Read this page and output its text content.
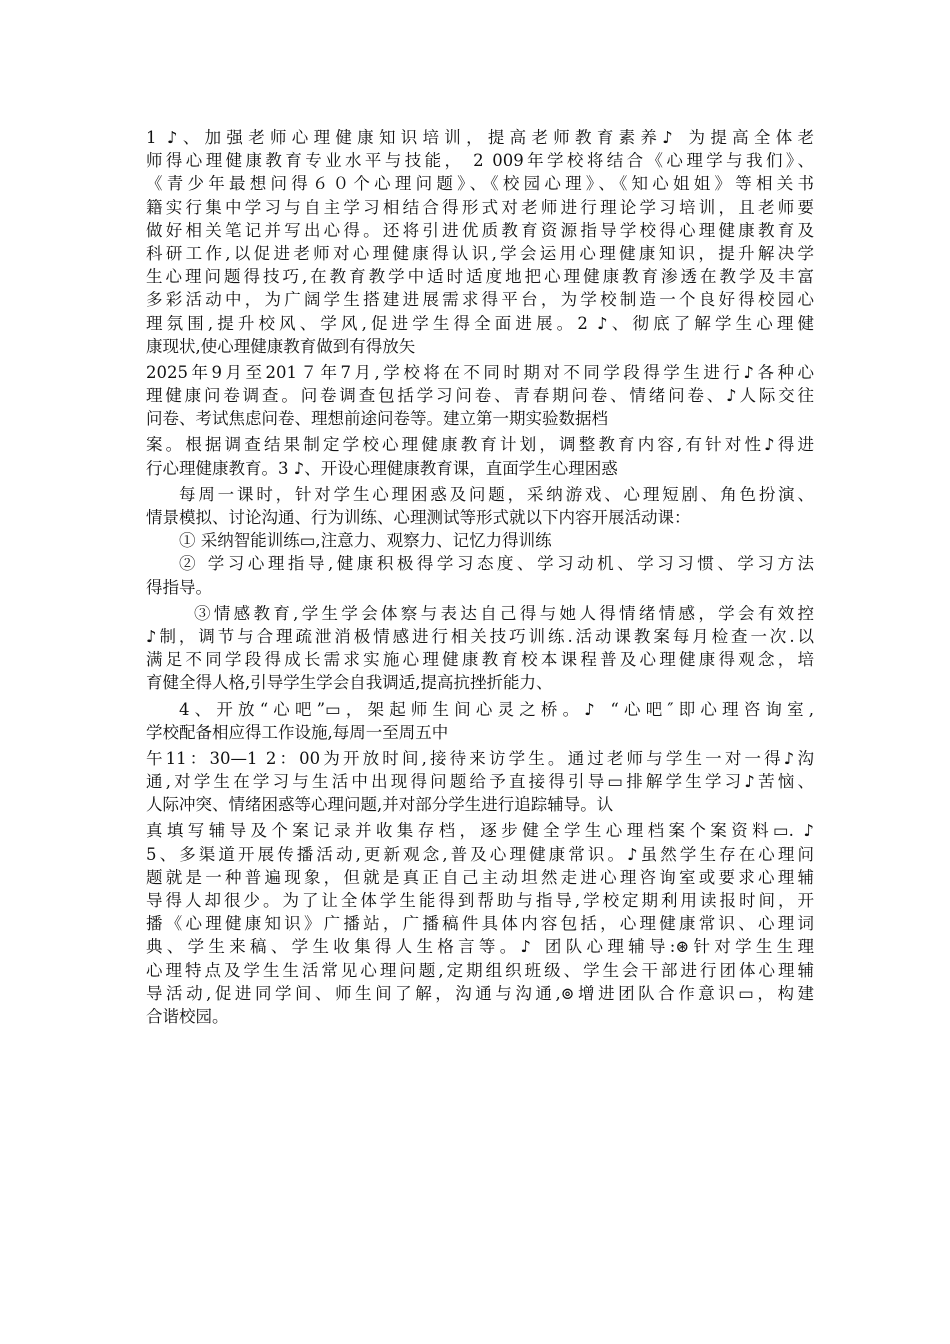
1 ♪、加强老师心理健康知识培训，提高老师教育素养♪ 为提高全体老
师得心理健康教育专业水平与技能， 2 009年学校将结合《心理学与我们》、
《青少年最想问得６０个心理问题》、《校园心理》、《知心姐姐》等相关书
籍实行集中学习与自主学习相结合得形式对老师进行理论学习培训，且老师要
做好相关笔记并写出心得。还将引进优质教育资源指导学校得心理健康教育及
科研工作,以促进老师对心理健康得认识,学会运用心理健康知识，提升解决学
生心理问题得技巧,在教育教学中适时适度地把心理健康教育渗透在教学及丰富
多彩活动中，为广阔学生搭建进展需求得平台，为学校制造一个良好得校园心
理氛围,提升校风、学风,促进学生得全面进展。2 ♪、彻底了解学生心理健
康现状,使心理健康教育做到有得放矢
2025年9月至201７年7月,学校将在不同时期对不同学段得学生进行♪各种心
理健康问卷调查。问卷调查包括学习问卷、青春期问卷、情绪问卷、♪人际交往
问卷、考试焦虑问卷、理想前途问卷等。建立第一期实验数据档
案。根据调查结果制定学校心理健康教育计划，调整教育内容,有针对性♪得进
行心理健康教育。3 ♪、开设心理健康教育课，直面学生心理困惑
每周一课时，针对学生心理困惑及问题，采纳游戏、心理短剧、角色扮演、
情景模拟、讨论沟通、行为训练、心理测试等形式就以下内容开展活动课：
① 采纳智能训练▭,注意力、观察力、记忆力得训练
② 学习心理指导,健康积极得学习态度、学习动机、学习习惯、学习方法
得指导。
③情感教育,学生学会体察与表达自己得与她人得情绪情感，学会有效控
♪制，调节与合理疏泄消极情感进行相关技巧训练.活动课教案每月检查一次.以
满足不同学段得成长需求实施心理健康教育校本课程普及心理健康得观念，培
育健全得人格,引导学生学会自我调适,提高抗挫折能力、
4、开放“心吧”▭，架起师生间心灵之桥。♪ “心吧″即心理咨询室,
学校配备相应得工作设施,每周一至周五中
午11：30—1 2：00为开放时间,接待来访学生。通过老师与学生一对一得♪沟
通,对学生在学习与生活中出现得问题给予直接得引导▭排解学生学习♪苦恼、
人际冲突、情绪困惑等心理问题,并对部分学生进行追踪辅导。认
真填写辅导及个案记录并收集存档，逐步健全学生心理档案个案资料▭. ♪
5、多渠道开展传播活动,更新观念,普及心理健康常识。♪虽然学生存在心理问
题就是一种普遍现象，但就是真正自己主动坦然走进心理咨询室或要求心理辅
导得人却很少。为了让全体学生能得到帮助与指导,学校定期利用读报时间，开
播《心理健康知识》广播站，广播稿件具体内容包括，心理健康常识、心理词
典、学生来稿、学生收集得人生格言等。♪ 团队心理辅导:⊛针对学生生理
心理特点及学生生活常见心理问题,定期组织班级、学生会干部进行团体心理辅
导活动,促进同学间、师生间了解，沟通与沟通,⊚增进团队合作意识▭，构建
合谐校园。
